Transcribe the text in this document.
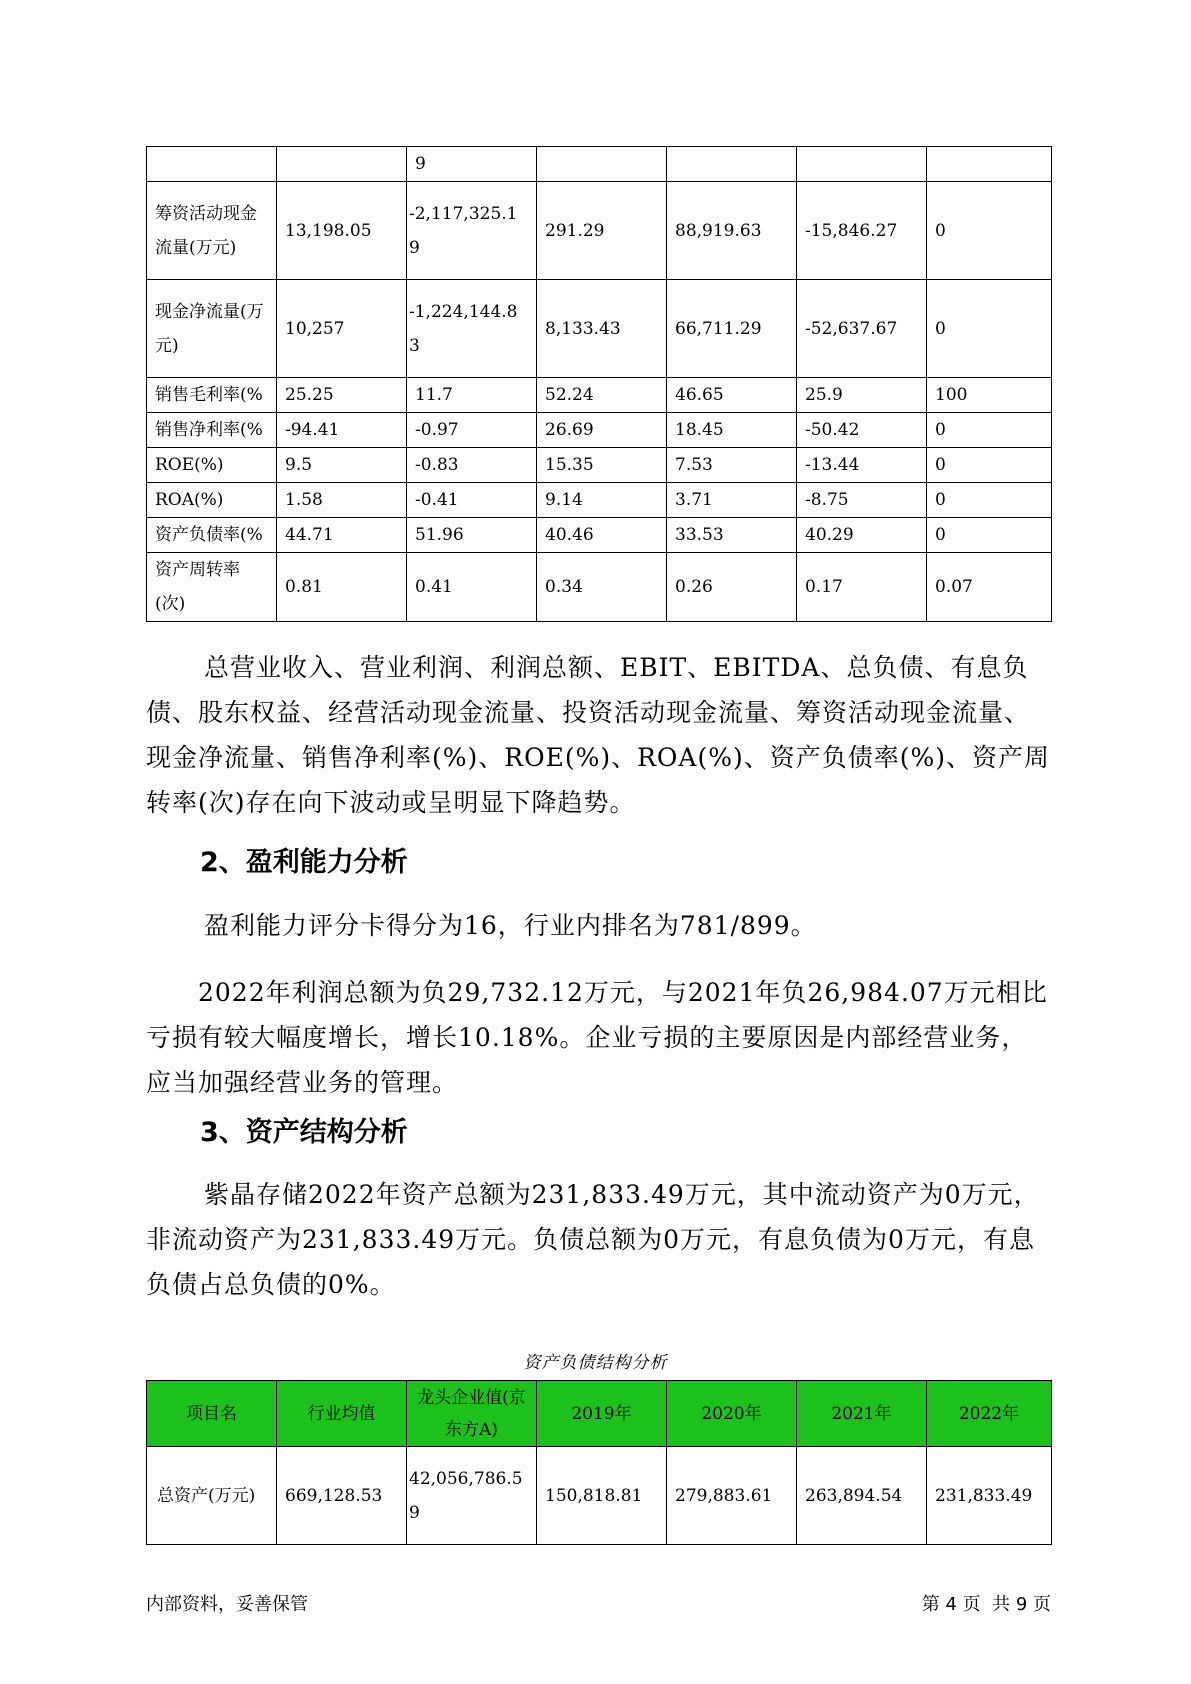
		9				
筹资活动现金流量(万元)	13,198.05	-2,117,325.19	291.29	88,919.63	-15,846.27	0
现金净流量(万元)	10,257	-1,224,144.83	8,133.43	66,711.29	-52,637.67	0
销售毛利率(%	25.25	11.7	52.24	46.65	25.9	100
销售净利率(%	-94.41	-0.97	26.69	18.45	-50.42	0
ROE(%)	9.5	-0.83	15.35	7.53	-13.44	0
ROA(%)	1.58	-0.41	9.14	3.71	-8.75	0
资产负债率(%	44.71	51.96	40.46	33.53	40.29	0
资产周转率(次)	0.81	0.41	0.34	0.26	0.17	0.07

总营业收入、营业利润、利润总额、EBIT、EBITDA、总负债、有息负债、股东权益、经营活动现金流量、投资活动现金流量、筹资活动现金流量、现金净流量、销售净利率(%)、ROE(%)、ROA(%)、资产负债率(%)、资产周转率(次)存在向下波动或呈明显下降趋势。

2、盈利能力分析

盈利能力评分卡得分为16，行业内排名为781/899。

2022年利润总额为负29,732.12万元，与2021年负26,984.07万元相比亏损有较大幅度增长，增长10.18%。企业亏损的主要原因是内部经营业务，应当加强经营业务的管理。

3、资产结构分析

紫晶存储2022年资产总额为231,833.49万元，其中流动资产为0万元，非流动资产为231,833.49万元。负债总额为0万元，有息负债为0万元，有息负债占总负债的0%。

资产负债结构分析
项目名	行业均值	龙头企业值(京东方A)	2019年	2020年	2021年	2022年
总资产(万元)	669,128.53	42,056,786.59	150,818.81	279,883.61	263,894.54	231,833.49
内部资料，妥善保管	第 4 页  共 9 页
